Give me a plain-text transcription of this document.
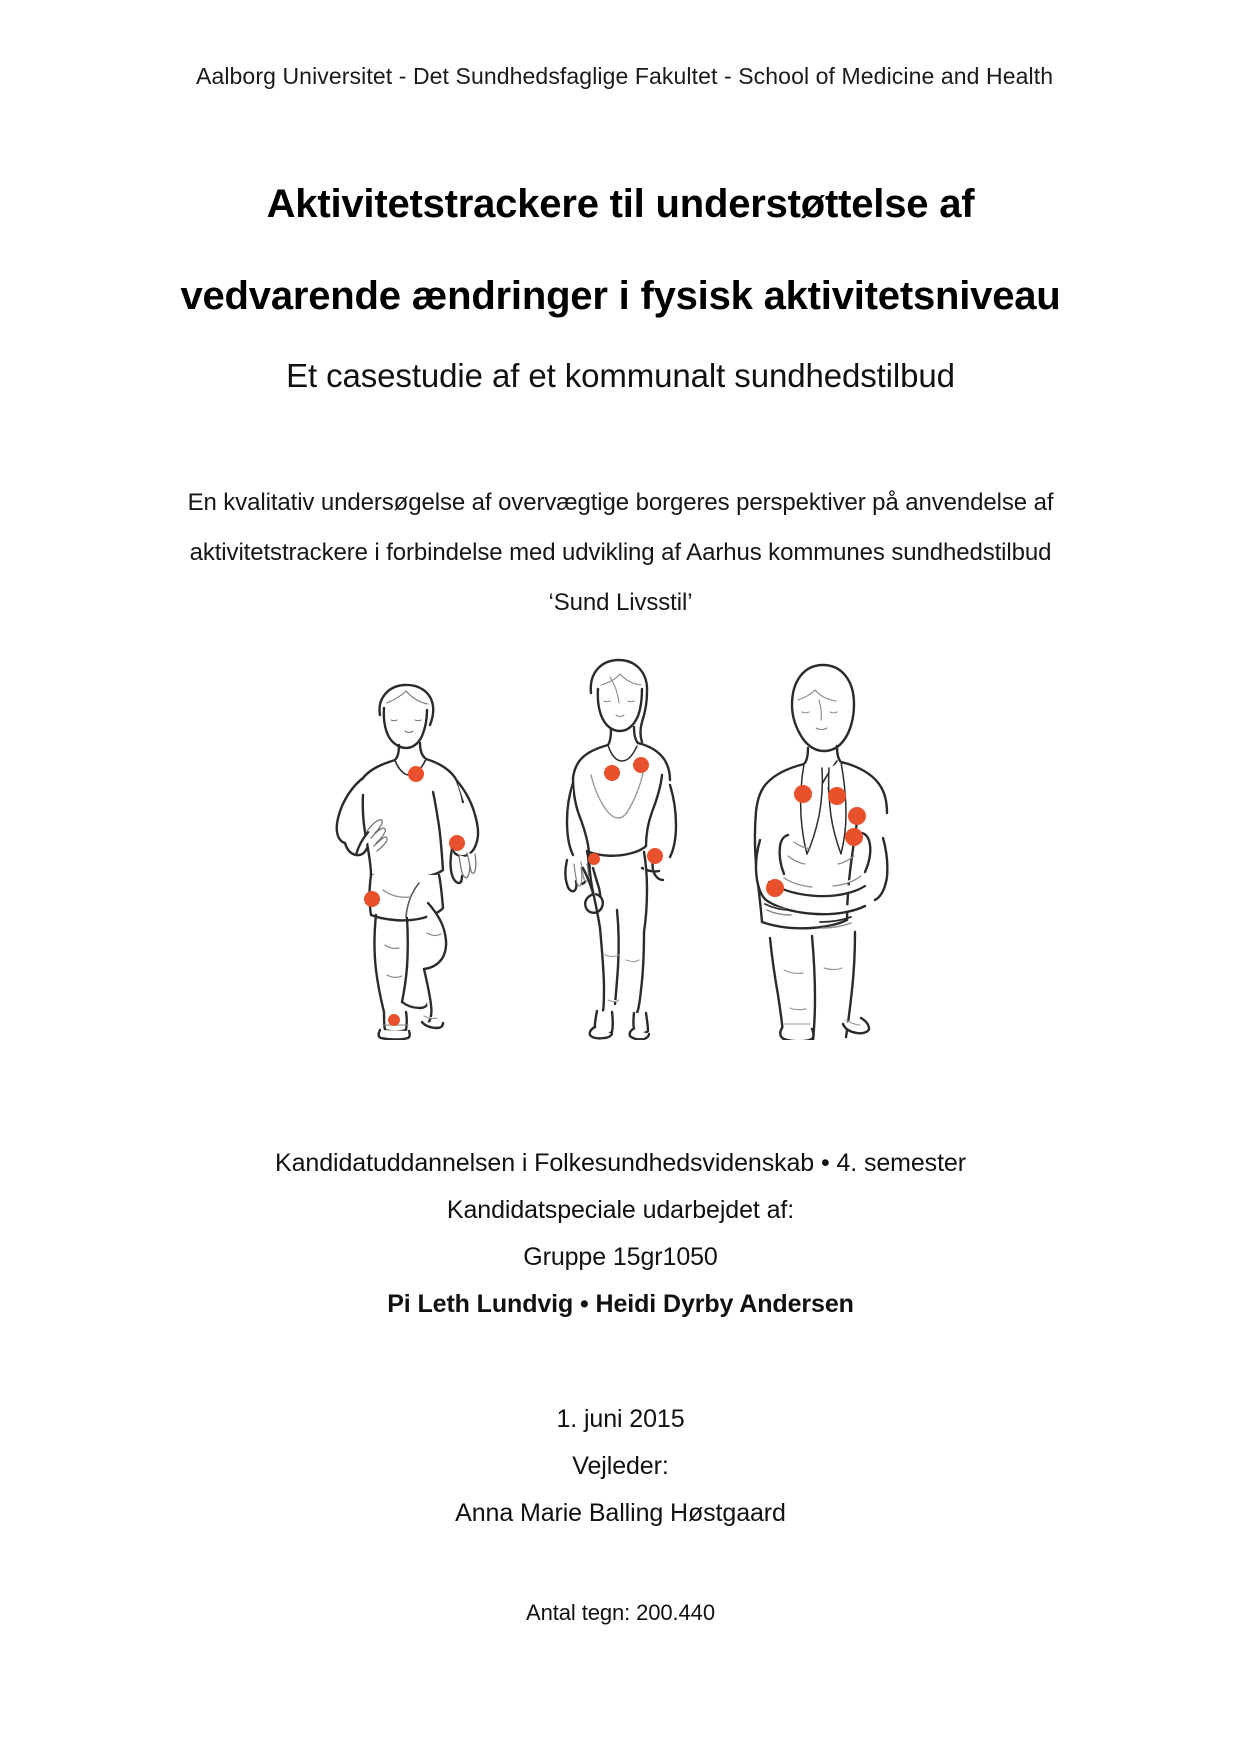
Aalborg Universitet - Det Sundhedsfaglige Fakultet - School of Medicine and Health
Aktivitetstrackere til understøttelse af
vedvarende ændringer i fysisk aktivitetsniveau
Et casestudie af et kommunalt sundhedstilbud
En kvalitativ undersøgelse af overvægtige borgeres perspektiver på anvendelse af
aktivitetstrackere i forbindelse med udvikling af Aarhus kommunes sundhedstilbud
‘Sund Livsstil’
Kandidatuddannelsen i Folkesundhedsvidenskab • 4. semester
Kandidatspeciale udarbejdet af:
Gruppe 15gr1050
Pi Leth Lundvig • Heidi Dyrby Andersen
1. juni 2015
Vejleder:
Anna Marie Balling Høstgaard
Antal tegn: 200.440
